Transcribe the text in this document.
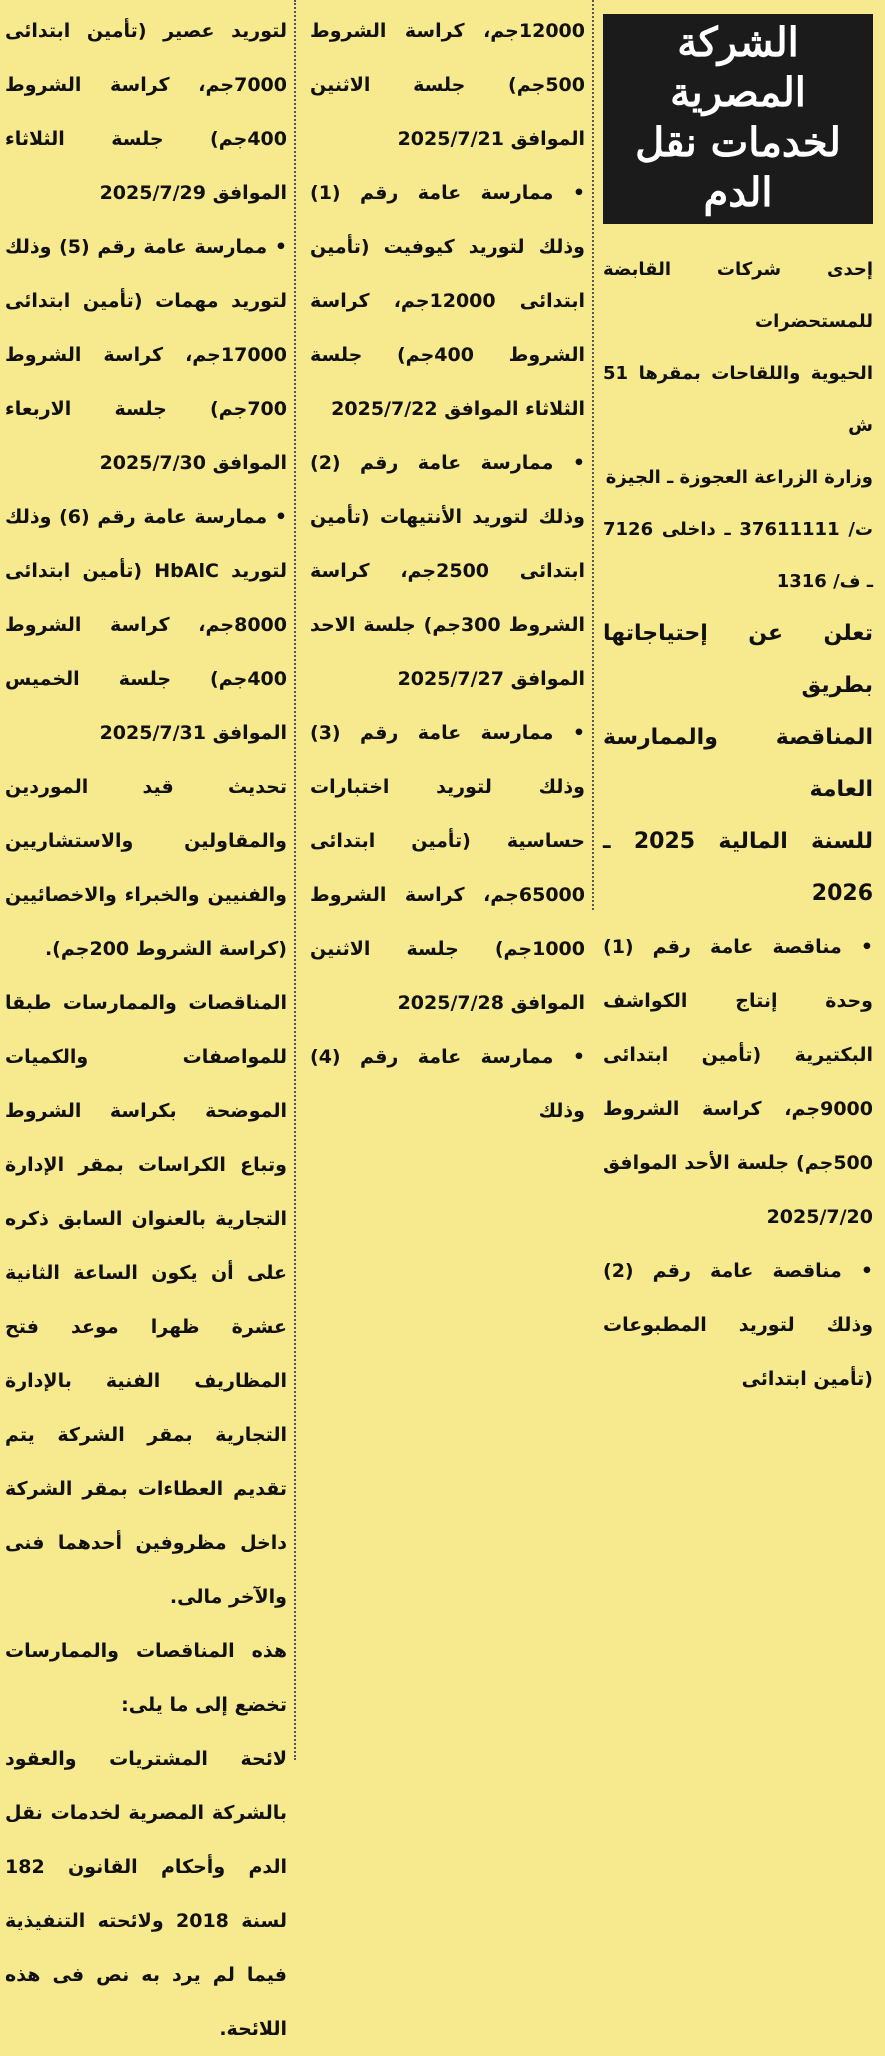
الشركة المصرية
لخدمات نقل الدم

إحدى شركات القابضة للمستحضرات

الحيوية واللقاحات بمقرها 51 ش

وزارة الزراعة العجوزة ـ الجيزة

ت/ 37611111 ـ داخلى 7126 ـ ف/ 1316

تعلن عن إحتياجاتها بطريق

المناقصة والممارسة العامة

للسنة المالية 2025 ـ 2026

• مناقصة عامة رقم (1) وحدة إنتاج الكواشف البكتيرية (تأمين ابتدائى 9000جم، كراسة الشروط 500جم) جلسة الأحد الموافق 2025/7/20

• مناقصة عامة رقم (2) وذلك لتوريد المطبوعات (تأمين ابتدائى

12000جم، كراسة الشروط 500جم) جلسة الاثنين الموافق 2025/7/21

• ممارسة عامة رقم (1) وذلك لتوريد كيوفيت (تأمين ابتدائى 12000جم، كراسة الشروط 400جم) جلسة الثلاثاء الموافق 2025/7/22

• ممارسة عامة رقم (2) وذلك لتوريد الأنتيهات (تأمين ابتدائى 2500جم، كراسة الشروط 300جم) جلسة الاحد الموافق 2025/7/27

• ممارسة عامة رقم (3) وذلك لتوريد اختبارات حساسية (تأمين ابتدائى 65000جم، كراسة الشروط 1000جم) جلسة الاثنين الموافق 2025/7/28

• ممارسة عامة رقم (4) وذلك

لتوريد عصير (تأمين ابتدائى 7000جم، كراسة الشروط 400جم) جلسة الثلاثاء الموافق 2025/7/29

• ممارسة عامة رقم (5) وذلك لتوريد مهمات (تأمين ابتدائى 17000جم، كراسة الشروط 700جم) جلسة الاربعاء الموافق 2025/7/30

• ممارسة عامة رقم (6) وذلك لتوريد HbAlC (تأمين ابتدائى 8000جم، كراسة الشروط 400جم) جلسة الخميس الموافق 2025/7/31

تحديث قيد الموردين والمقاولين والاستشاريين والفنيين والخبراء والاخصائيين (كراسة الشروط 200جم).

المناقصات والممارسات طبقا للمواصفات والكميات الموضحة بكراسة الشروط وتباع الكراسات بمقر الإدارة التجارية بالعنوان السابق ذكره على أن يكون الساعة الثانية عشرة ظهرا موعد فتح المظاريف الفنية بالإدارة التجارية بمقر الشركة يتم تقديم العطاءات بمقر الشركة داخل مظروفين أحدهما فنى والآخر مالى.

هذه المناقصات والممارسات تخضع إلى ما يلى:

لائحة المشتريات والعقود بالشركة المصرية لخدمات نقل الدم وأحكام القانون 182 لسنة 2018 ولائحته التنفيذية فيما لم يرد به نص فى هذه اللائحة.
